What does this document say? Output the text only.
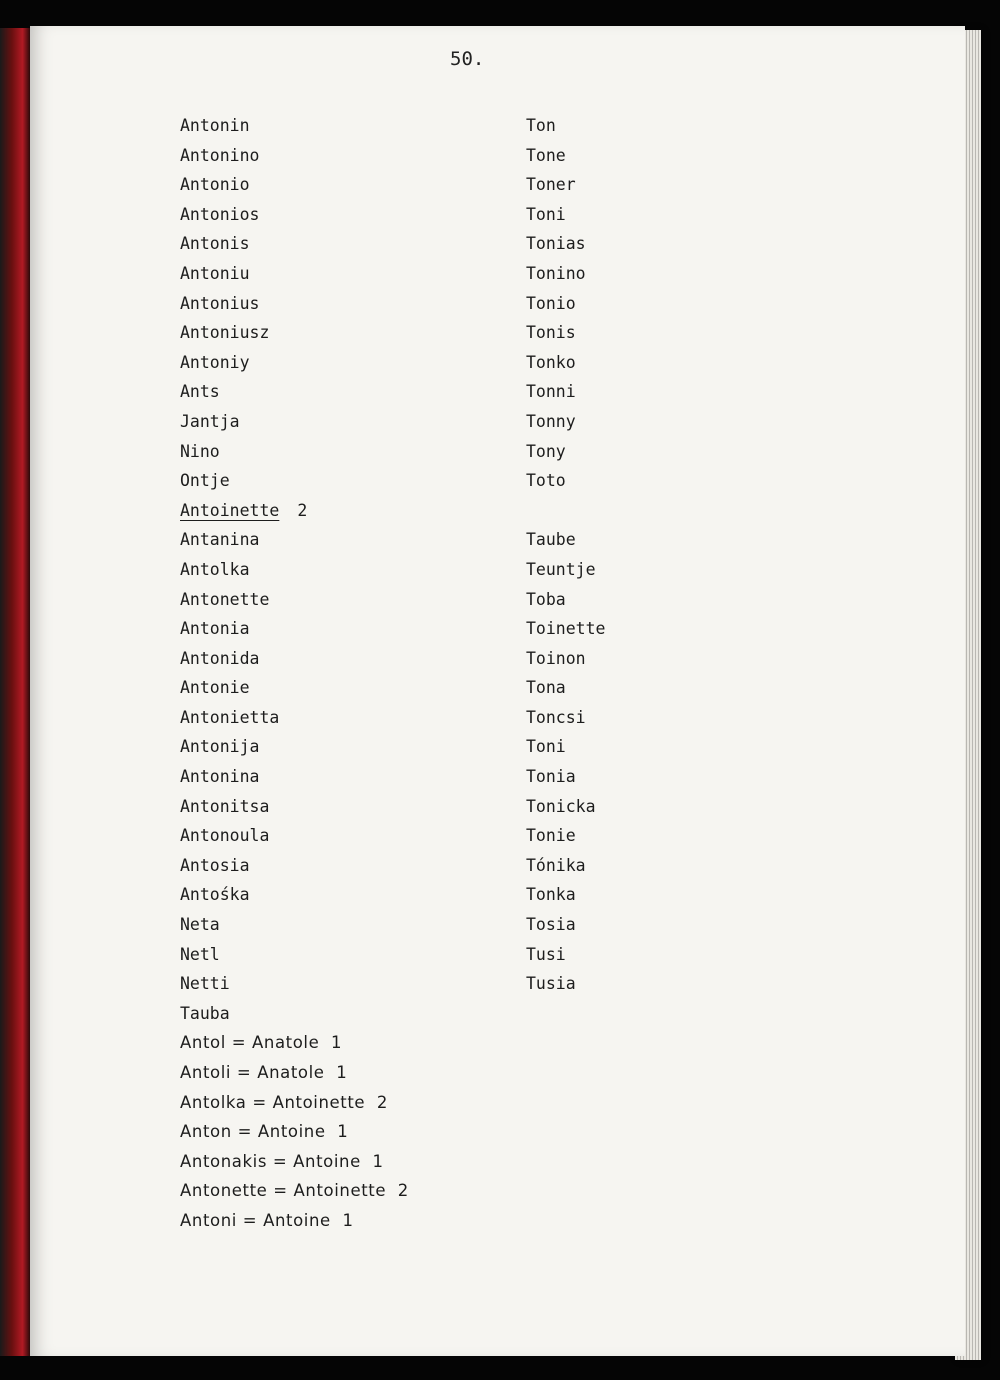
50.
Antonin
Antonino
Antonio
Antonios
Antonis
Antoniu
Antonius
Antoniusz
Antoniy
Ants
Jantja
Nino
Ontje
Antoinette 2
Antanina
Antolka
Antonette
Antonia
Antonida
Antonie
Antonietta
Antonija
Antonina
Antonitsa
Antonoula
Antosia
Antośka
Neta
Netl
Netti
Tauba
Antol = Anatole  1
Antoli = Anatole  1
Antolka = Antoinette  2
Anton = Antoine  1
Antonakis = Antoine  1
Antonette = Antoinette  2
Antoni = Antoine  1
Ton
Tone
Toner
Toni
Tonias
Tonino
Tonio
Tonis
Tonko
Tonni
Tonny
Tony
Toto
Taube
Teuntje
Toba
Toinette
Toinon
Tona
Toncsi
Toni
Tonia
Tonicka
Tonie
Tónika
Tonka
Tosia
Tusi
Tusia
